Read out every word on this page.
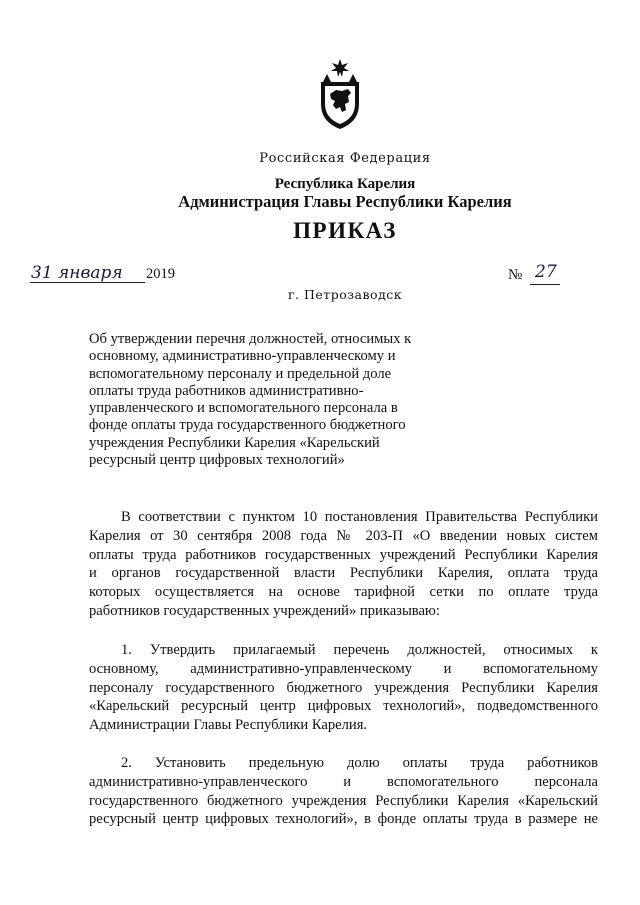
Российская Федерация
Республика Карелия
Администрация Главы Республики Карелия
ПРИКАЗ
31 января 2019	№ 27
г. Петрозаводск
Об утверждении перечня должностей, относимых к
основному, административно-управленческому и
вспомогательному персоналу и предельной доле
оплаты труда работников административно-
управленческого и вспомогательного персонала в
фонде оплаты труда государственного бюджетного
учреждения Республики Карелия «Карельский
ресурсный центр цифровых технологий»
В соответствии с пунктом 10 постановления Правительства Республики
Карелия от 30 сентября 2008 года № 203-П «О введении новых систем
оплаты труда работников государственных учреждений Республики Карелия
и органов государственной власти Республики Карелия, оплата труда
которых осуществляется на основе тарифной сетки по оплате труда
работников государственных учреждений» приказываю:
1. Утвердить прилагаемый перечень должностей, относимых к
основному, административно-управленческому и вспомогательному
персоналу государственного бюджетного учреждения Республики Карелия
«Карельский ресурсный центр цифровых технологий», подведомственного
Администрации Главы Республики Карелия.
2. Установить предельную долю оплаты труда работников
административно-управленческого и вспомогательного персонала
государственного бюджетного учреждения Республики Карелия «Карельский
ресурсный центр цифровых технологий», в фонде оплаты труда в размере не
